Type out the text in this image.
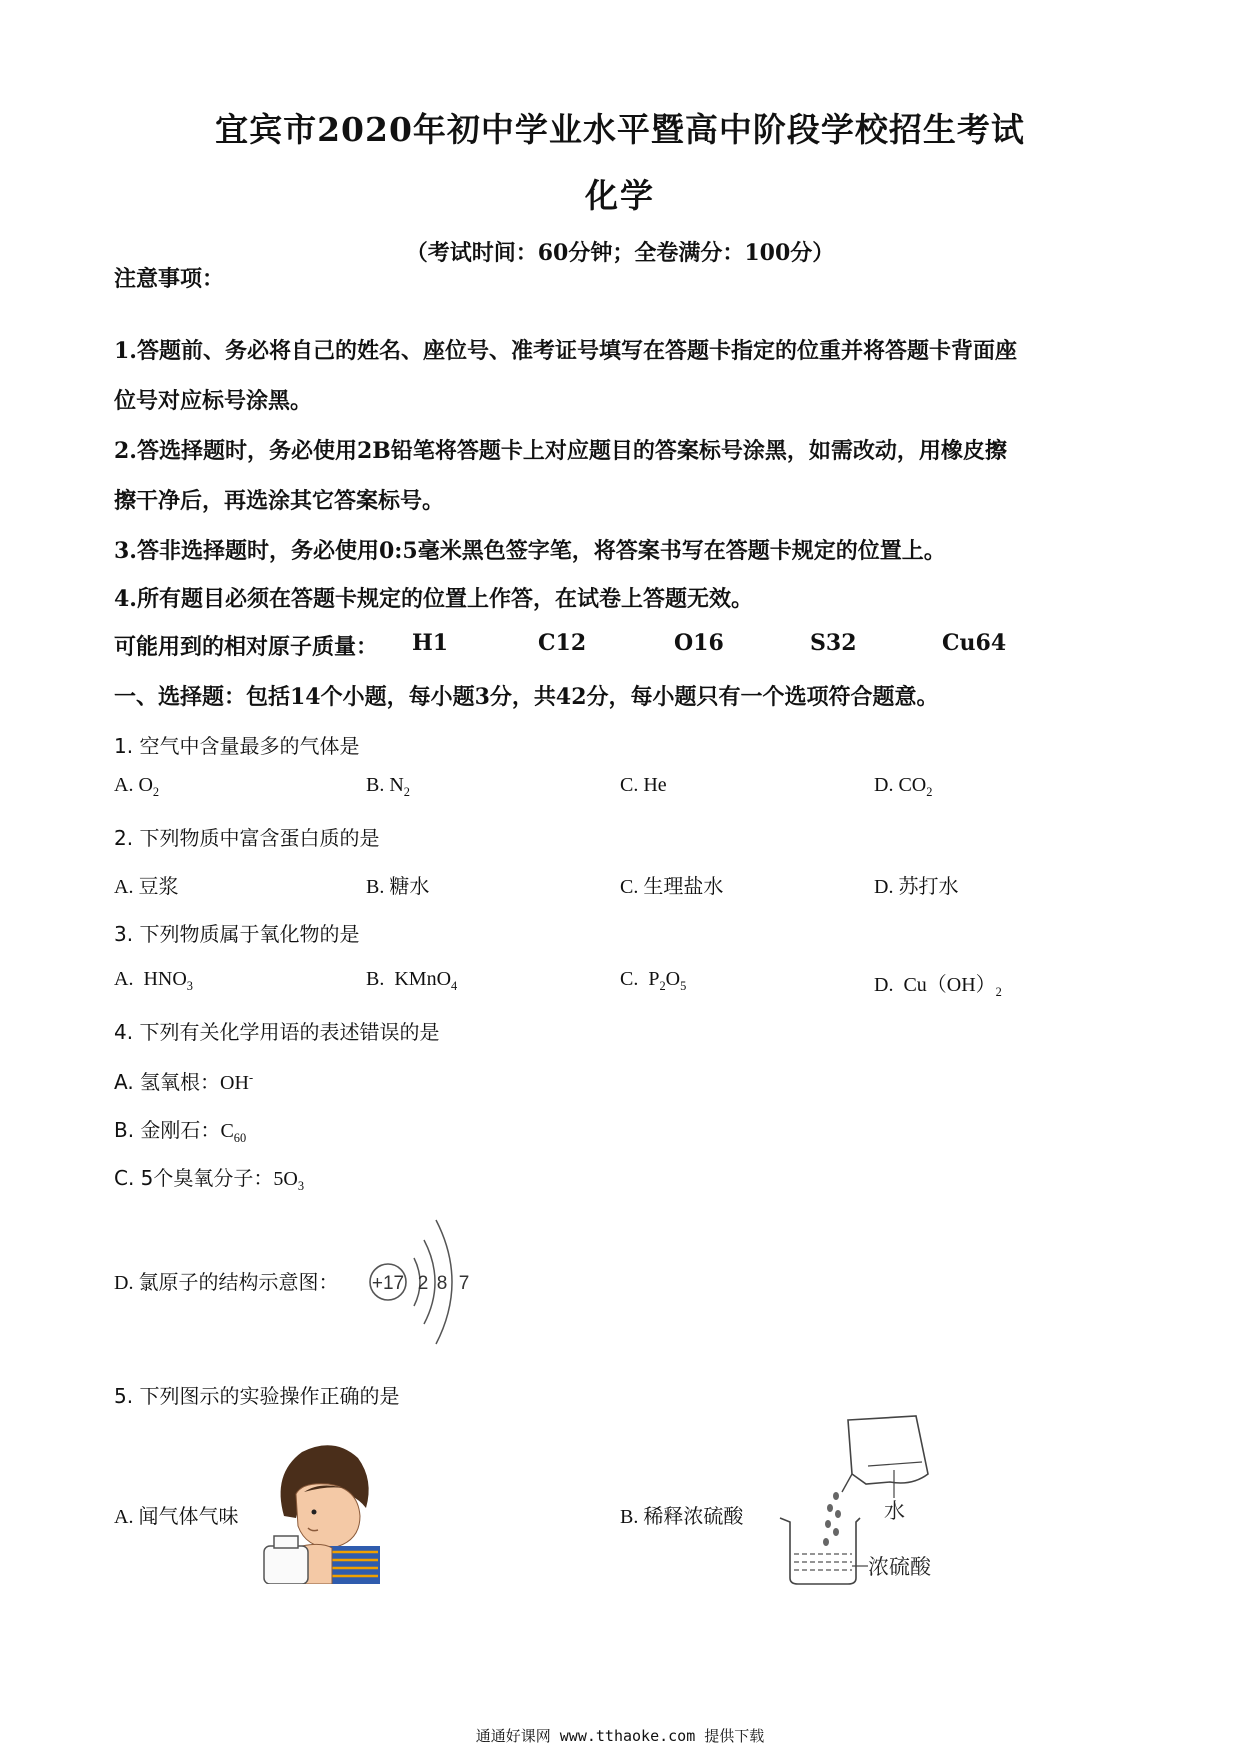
宜宾市2020年初中学业水平暨高中阶段学校招生考试
化学
（考试时间：60分钟；全卷满分：100分）
注意事项：
1.答题前、务必将自己的姓名、座位号、准考证号填写在答题卡指定的位重并将答题卡背面座
位号对应标号涂黑。
2.答选择题时，务必使用2B铅笔将答题卡上对应题目的答案标号涂黑，如需改动，用橡皮擦
擦干净后，再选涂其它答案标号。
3.答非选择题时，务必使用0:5毫米黑色签字笔，将答案书写在答题卡规定的位置上。
4.所有题目必须在答题卡规定的位置上作答，在试卷上答题无效。
可能用到的相对原子质量： H1	C12	O16	S32	Cu64
一、选择题：包括14个小题，每小题3分，共42分，每小题只有一个选项符合题意。
1. 空气中含量最多的气体是
A. $O_2$	B. $N_2$	C. He	D. $CO_2$
2. 下列物质中富含蛋白质的是
A. 豆浆	B. 糖水	C. 生理盐水	D. 苏打水
3. 下列物质属于氧化物的是
A.  $HNO_3$	B.  KMnO$_4$	C.  $P_2O_5$	D.  $Cu(OH)_2$
4. 下列有关化学用语的表述错误的是
A. 氢氧根：OH-
B. 金刚石：$C_{60}$
C. 5个臭氧分子：$5O_3$
D. 氯原子的结构示意图： +17 2 8 7
5. 下列图示的实验操作正确的是
A. 闻气体气味	B. 稀释浓硫酸	水
浓硫酸
通通好课网 www.tthaoke.com 提供下载
